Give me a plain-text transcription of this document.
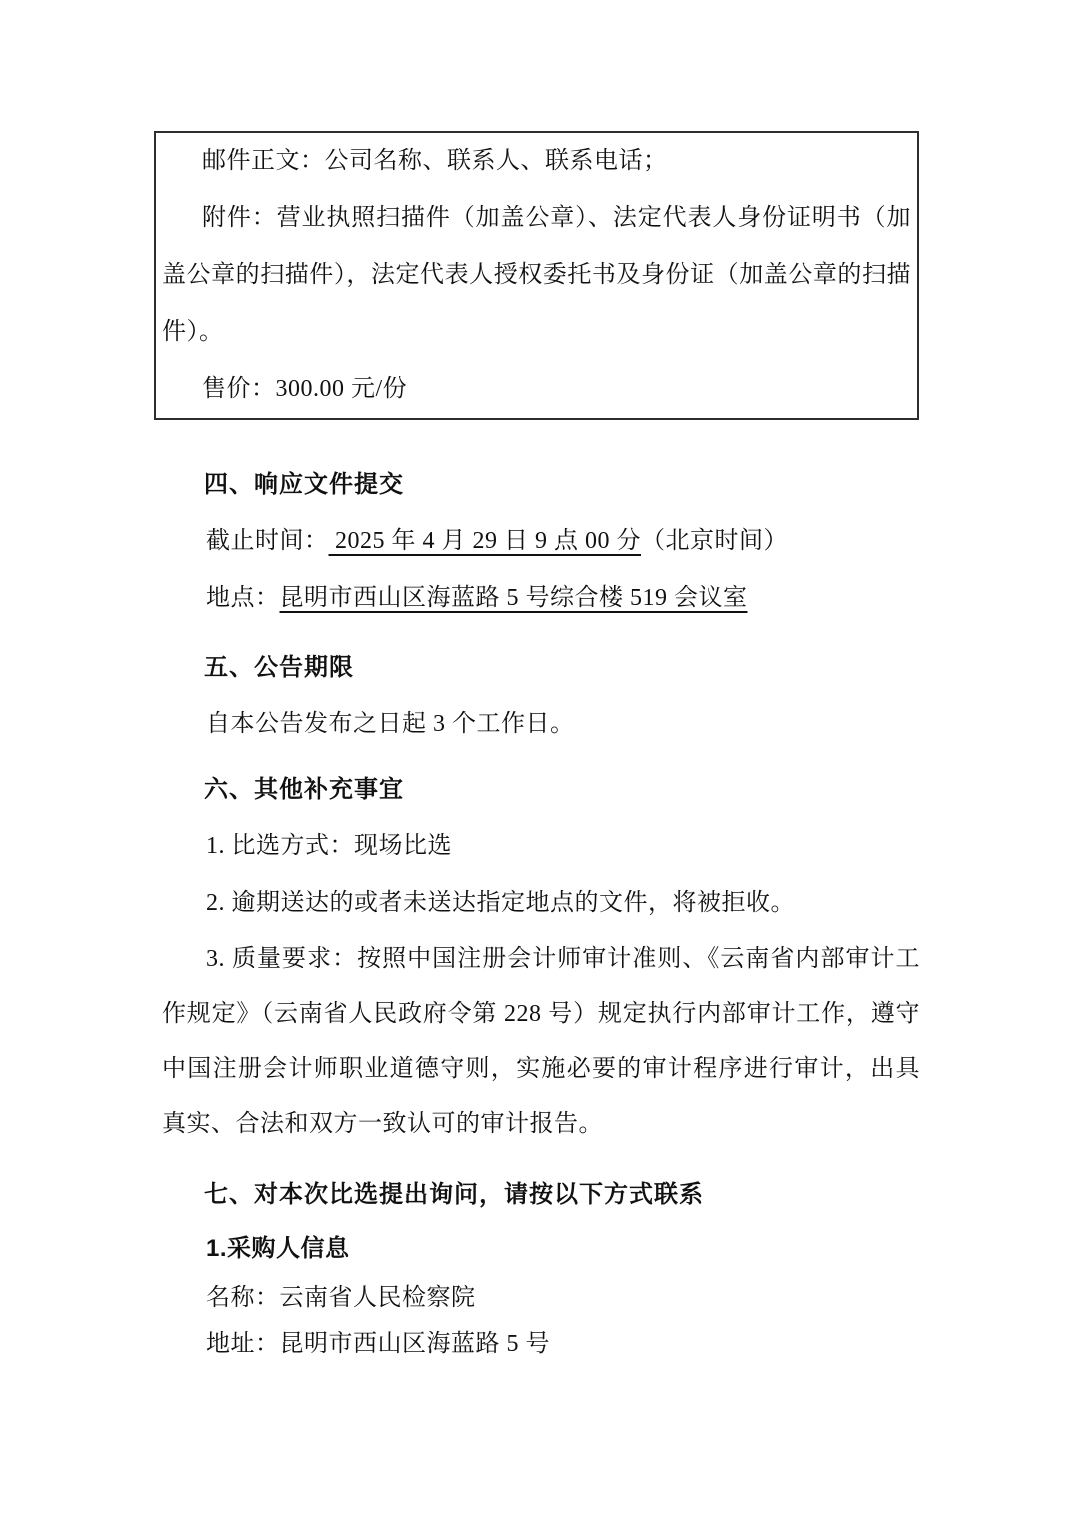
邮件正文：公司名称、联系人、联系电话；

附件：营业执照扫描件（加盖公章）、法定代表人身份证明书（加盖公章的扫描件），法定代表人授权委托书及身份证（加盖公章的扫描件）。

售价：300.00 元/份

四、响应文件提交

截止时间： 2025 年 4 月 29 日 9 点 00 分（北京时间）

地点：昆明市西山区海蓝路 5 号综合楼 519 会议室

五、公告期限

自本公告发布之日起 3 个工作日。

六、其他补充事宜

1. 比选方式：现场比选

2. 逾期送达的或者未送达指定地点的文件，将被拒收。

3. 质量要求：按照中国注册会计师审计准则、《云南省内部审计工作规定》（云南省人民政府令第 228 号）规定执行内部审计工作，遵守中国注册会计师职业道德守则，实施必要的审计程序进行审计，出具真实、合法和双方一致认可的审计报告。

七、对本次比选提出询问，请按以下方式联系
1.采购人信息

名称：云南省人民检察院

地址：昆明市西山区海蓝路 5 号
